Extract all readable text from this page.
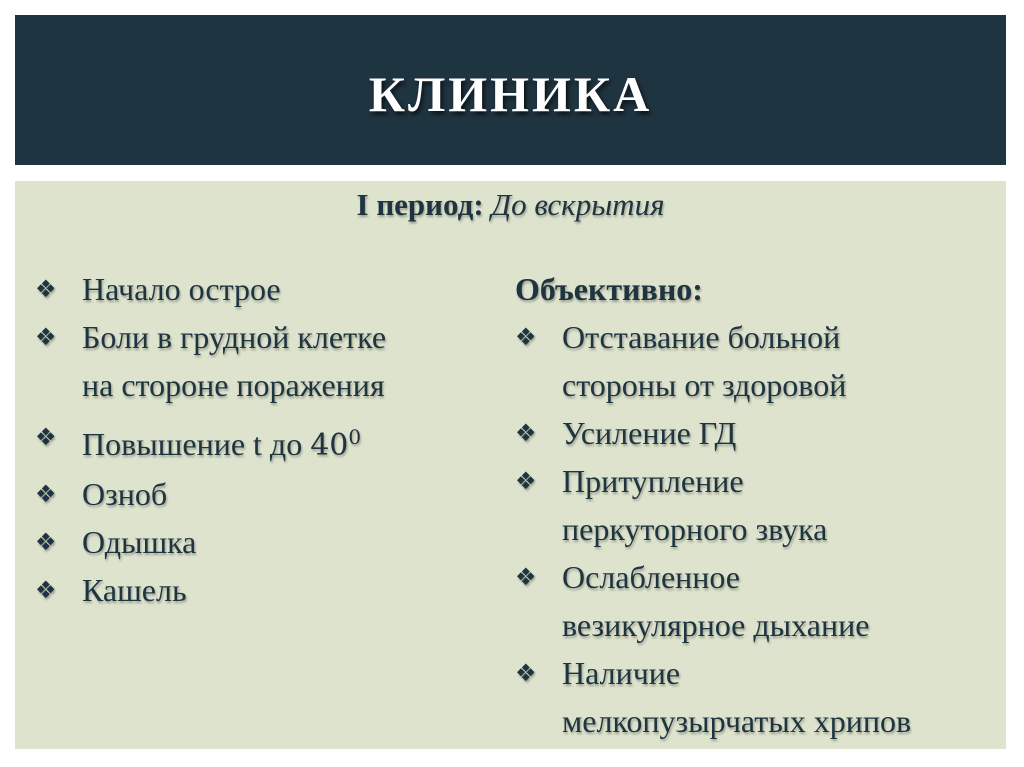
КЛИНИКА
I период: До вскрытия
❖ Начало острое
❖ Боли в грудной клетке
на стороне поражения
❖ Повышение t до $40^0$
❖ Озноб
❖ Одышка
❖ Кашель
Объективно:
❖ Отставание больной
стороны от здоровой
❖ Усиление ГД
❖ Притупление
перкуторного звука
❖ Ослабленное
везикулярное дыхание
❖ Наличие
мелкопузырчатых хрипов
